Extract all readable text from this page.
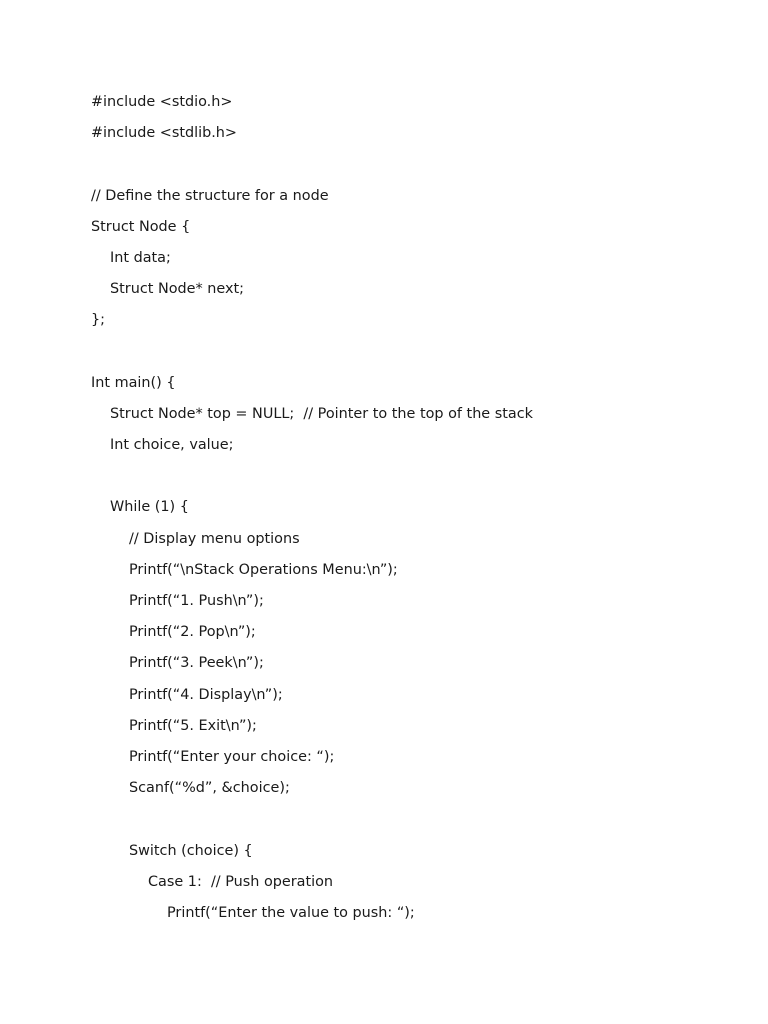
#include <stdio.h>
#include <stdlib.h>
// Define the structure for a node
Struct Node {
Int data;
Struct Node* next;
};
Int main() {
Struct Node* top = NULL;  // Pointer to the top of the stack
Int choice, value;
While (1) {
// Display menu options
Printf(“\nStack Operations Menu:\n”);
Printf(“1. Push\n”);
Printf(“2. Pop\n”);
Printf(“3. Peek\n”);
Printf(“4. Display\n”);
Printf(“5. Exit\n”);
Printf(“Enter your choice: “);
Scanf(“%d”, &choice);
Switch (choice) {
Case 1:  // Push operation
Printf(“Enter the value to push: “);
